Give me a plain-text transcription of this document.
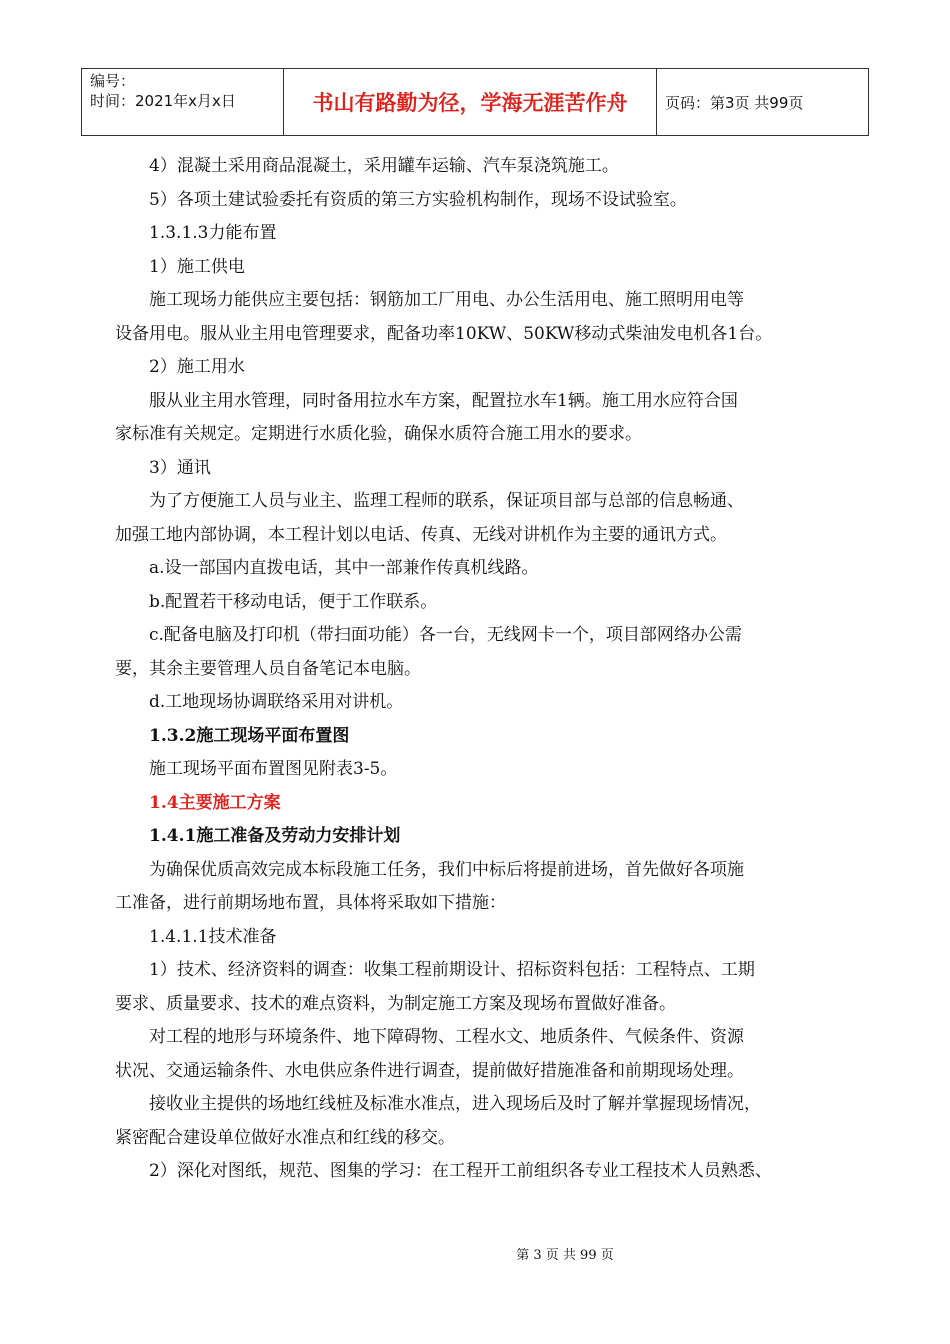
编号：
时间：2021年x月x日	书山有路勤为径，学海无涯苦作舟	页码：第3页 共99页

4）混凝土采用商品混凝土，采用罐车运输、汽车泵浇筑施工。

5）各项土建试验委托有资质的第三方实验机构制作，现场不设试验室。

1.3.1.3力能布置

1）施工供电

施工现场力能供应主要包括：钢筋加工厂用电、办公生活用电、施工照明用电等

设备用电。服从业主用电管理要求，配备功率10KW、50KW移动式柴油发电机各1台。

2）施工用水

服从业主用水管理，同时备用拉水车方案，配置拉水车1辆。施工用水应符合国

家标准有关规定。定期进行水质化验，确保水质符合施工用水的要求。

3）通讯

为了方便施工人员与业主、监理工程师的联系，保证项目部与总部的信息畅通、

加强工地内部协调，本工程计划以电话、传真、无线对讲机作为主要的通讯方式。

a.设一部国内直拨电话，其中一部兼作传真机线路。

b.配置若干移动电话，便于工作联系。

c.配备电脑及打印机（带扫面功能）各一台，无线网卡一个，项目部网络办公需

要，其余主要管理人员自备笔记本电脑。

d.工地现场协调联络采用对讲机。

1.3.2施工现场平面布置图

施工现场平面布置图见附表3-5。

1.4主要施工方案

1.4.1施工准备及劳动力安排计划

为确保优质高效完成本标段施工任务，我们中标后将提前进场，首先做好各项施

工准备，进行前期场地布置，具体将采取如下措施：

1.4.1.1技术准备

1）技术、经济资料的调查：收集工程前期设计、招标资料包括：工程特点、工期

要求、质量要求、技术的难点资料，为制定施工方案及现场布置做好准备。

对工程的地形与环境条件、地下障碍物、工程水文、地质条件、气候条件、资源

状况、交通运输条件、水电供应条件进行调查，提前做好措施准备和前期现场处理。

接收业主提供的场地红线桩及标准水准点，进入现场后及时了解并掌握现场情况，

紧密配合建设单位做好水准点和红线的移交。

2）深化对图纸，规范、图集的学习：在工程开工前组织各专业工程技术人员熟悉、

第 3 页 共 99 页
